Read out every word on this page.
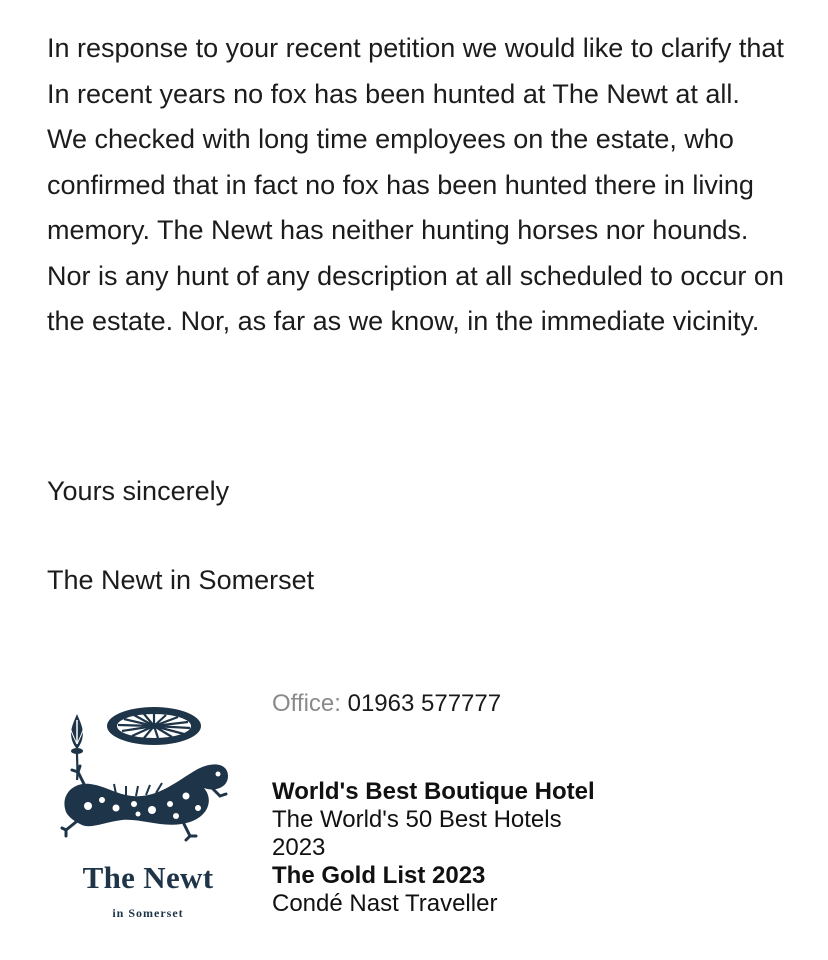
In response to your recent petition we would like to clarify that In recent years no fox has been hunted at The Newt at all. We checked with long time employees on the estate, who confirmed that in fact no fox has been hunted there in living memory. The Newt has neither hunting horses nor hounds. Nor is any hunt of any description at all scheduled to occur on the estate. Nor, as far as we know, in the immediate vicinity.

Yours sincerely

The Newt in Somerset

The Newt
in Somerset
Office: 01963 577777
World's Best Boutique Hotel
The World's 50 Best Hotels
2023
The Gold List 2023
Condé Nast Traveller
